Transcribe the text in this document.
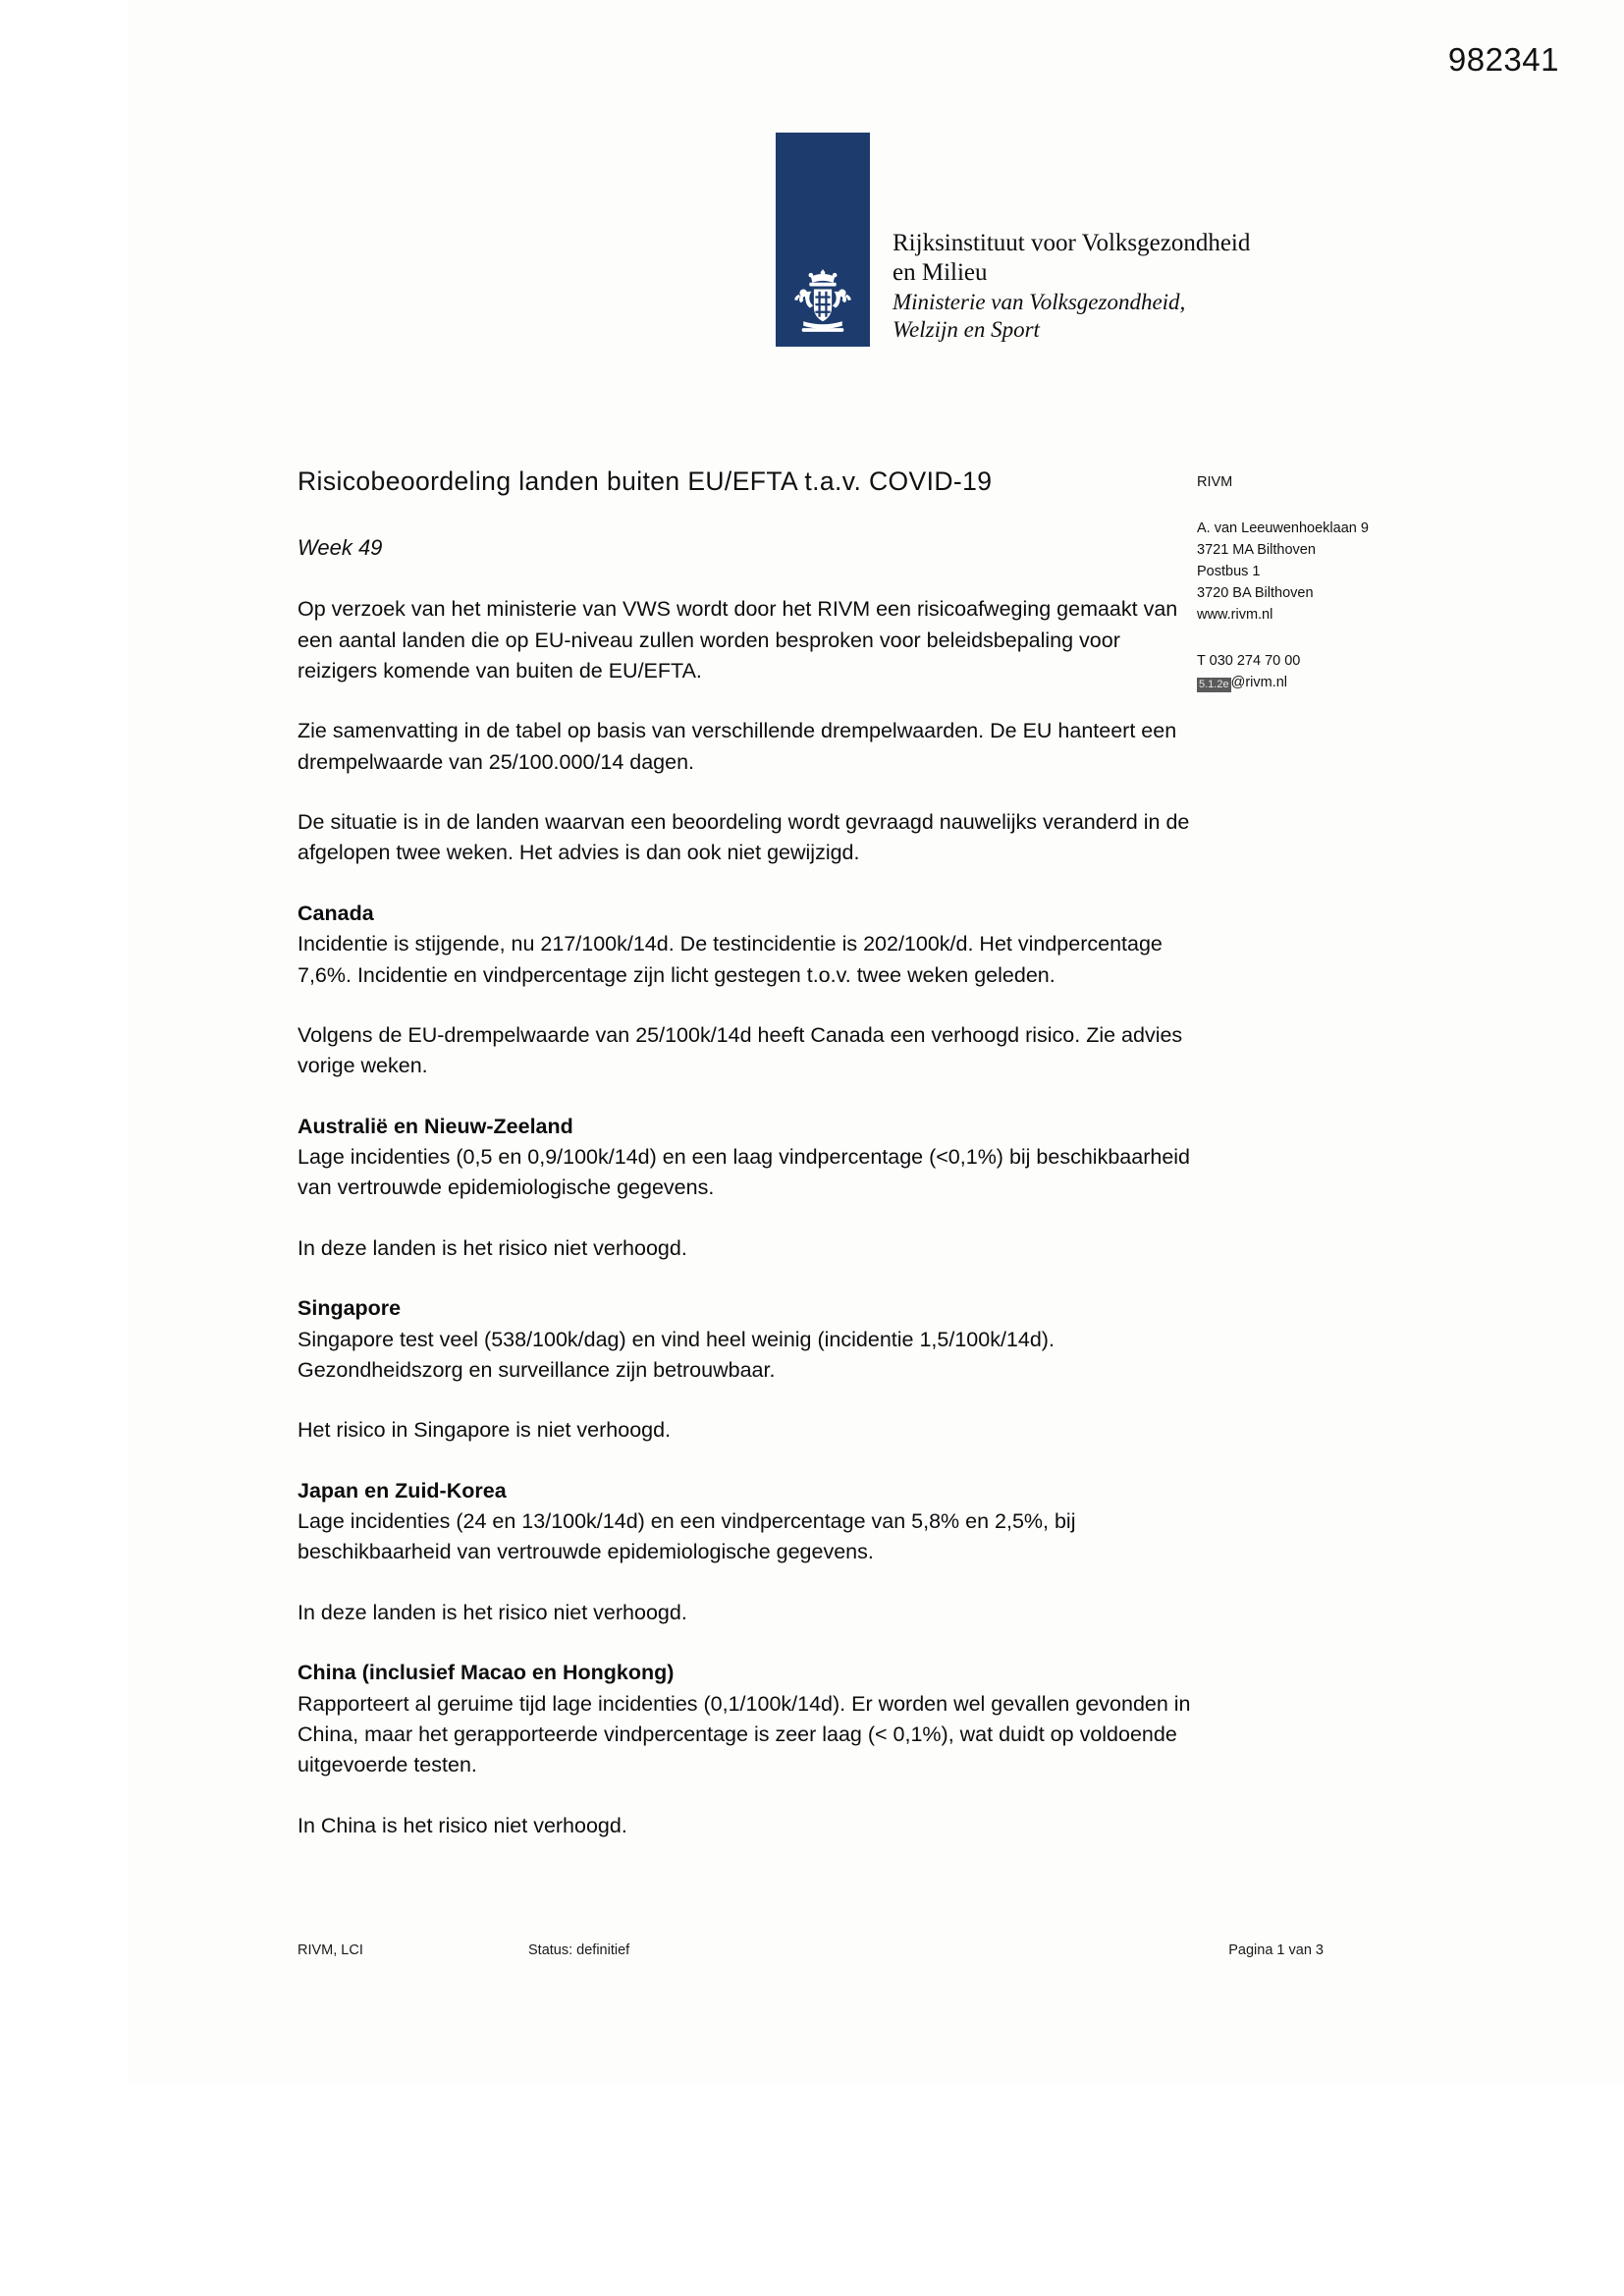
982341
Rijksinstituut voor Volksgezondheid
en Milieu
Ministerie van Volksgezondheid,
Welzijn en Sport
RIVM
A. van Leeuwenhoeklaan 9
3721 MA Bilthoven
Postbus 1
3720 BA Bilthoven
www.rivm.nl
T 030 274 70 00
5.1.2e @rivm.nl
Risicobeoordeling landen buiten EU/EFTA t.a.v. COVID-19
Week 49

Op verzoek van het ministerie van VWS wordt door het RIVM een risicoafweging gemaakt van een aantal landen die op EU-niveau zullen worden besproken voor beleidsbepaling voor reizigers komende van buiten de EU/EFTA.

Zie samenvatting in de tabel op basis van verschillende drempelwaarden. De EU hanteert een drempelwaarde van 25/100.000/14 dagen.

De situatie is in de landen waarvan een beoordeling wordt gevraagd nauwelijks veranderd in de afgelopen twee weken. Het advies is dan ook niet gewijzigd.

Canada

Incidentie is stijgende, nu 217/100k/14d. De testincidentie is 202/100k/d. Het vindpercentage 7,6%. Incidentie en vindpercentage zijn licht gestegen t.o.v. twee weken geleden.

Volgens de EU-drempelwaarde van 25/100k/14d heeft Canada een verhoogd risico. Zie advies vorige weken.

Australië en Nieuw-Zeeland

Lage incidenties (0,5 en 0,9/100k/14d) en een laag vindpercentage (<0,1%) bij beschikbaarheid van vertrouwde epidemiologische gegevens.

In deze landen is het risico niet verhoogd.

Singapore

Singapore test veel (538/100k/dag) en vind heel weinig (incidentie 1,5/100k/14d). Gezondheidszorg en surveillance zijn betrouwbaar.

Het risico in Singapore is niet verhoogd.

Japan en Zuid-Korea

Lage incidenties (24 en 13/100k/14d) en een vindpercentage van 5,8% en 2,5%, bij beschikbaarheid van vertrouwde epidemiologische gegevens.

In deze landen is het risico niet verhoogd.

China (inclusief Macao en Hongkong)

Rapporteert al geruime tijd lage incidenties (0,1/100k/14d). Er worden wel gevallen gevonden in China, maar het gerapporteerde vindpercentage is zeer laag (< 0,1%), wat duidt op voldoende uitgevoerde testen.

In China is het risico niet verhoogd.

RIVM, LCI	Status: definitief	Pagina 1 van 3
